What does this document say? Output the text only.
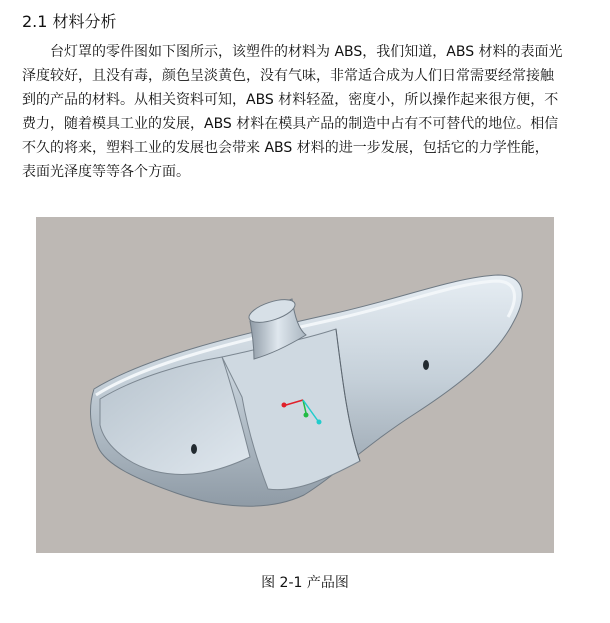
2.1 材料分析
台灯罩的零件图如下图所示，该塑件的材料为 ABS，我们知道，ABS 材料的表面光
泽度较好，且没有毒，颜色呈淡黄色，没有气味，非常适合成为人们日常需要经常接触
到的产品的材料。从相关资料可知，ABS 材料轻盈，密度小，所以操作起来很方便，不
费力，随着模具工业的发展，ABS 材料在模具产品的制造中占有不可替代的地位。相信
不久的将来，塑料工业的发展也会带来 ABS 材料的进一步发展，包括它的力学性能，
表面光泽度等等各个方面。
图 2-1 产品图
